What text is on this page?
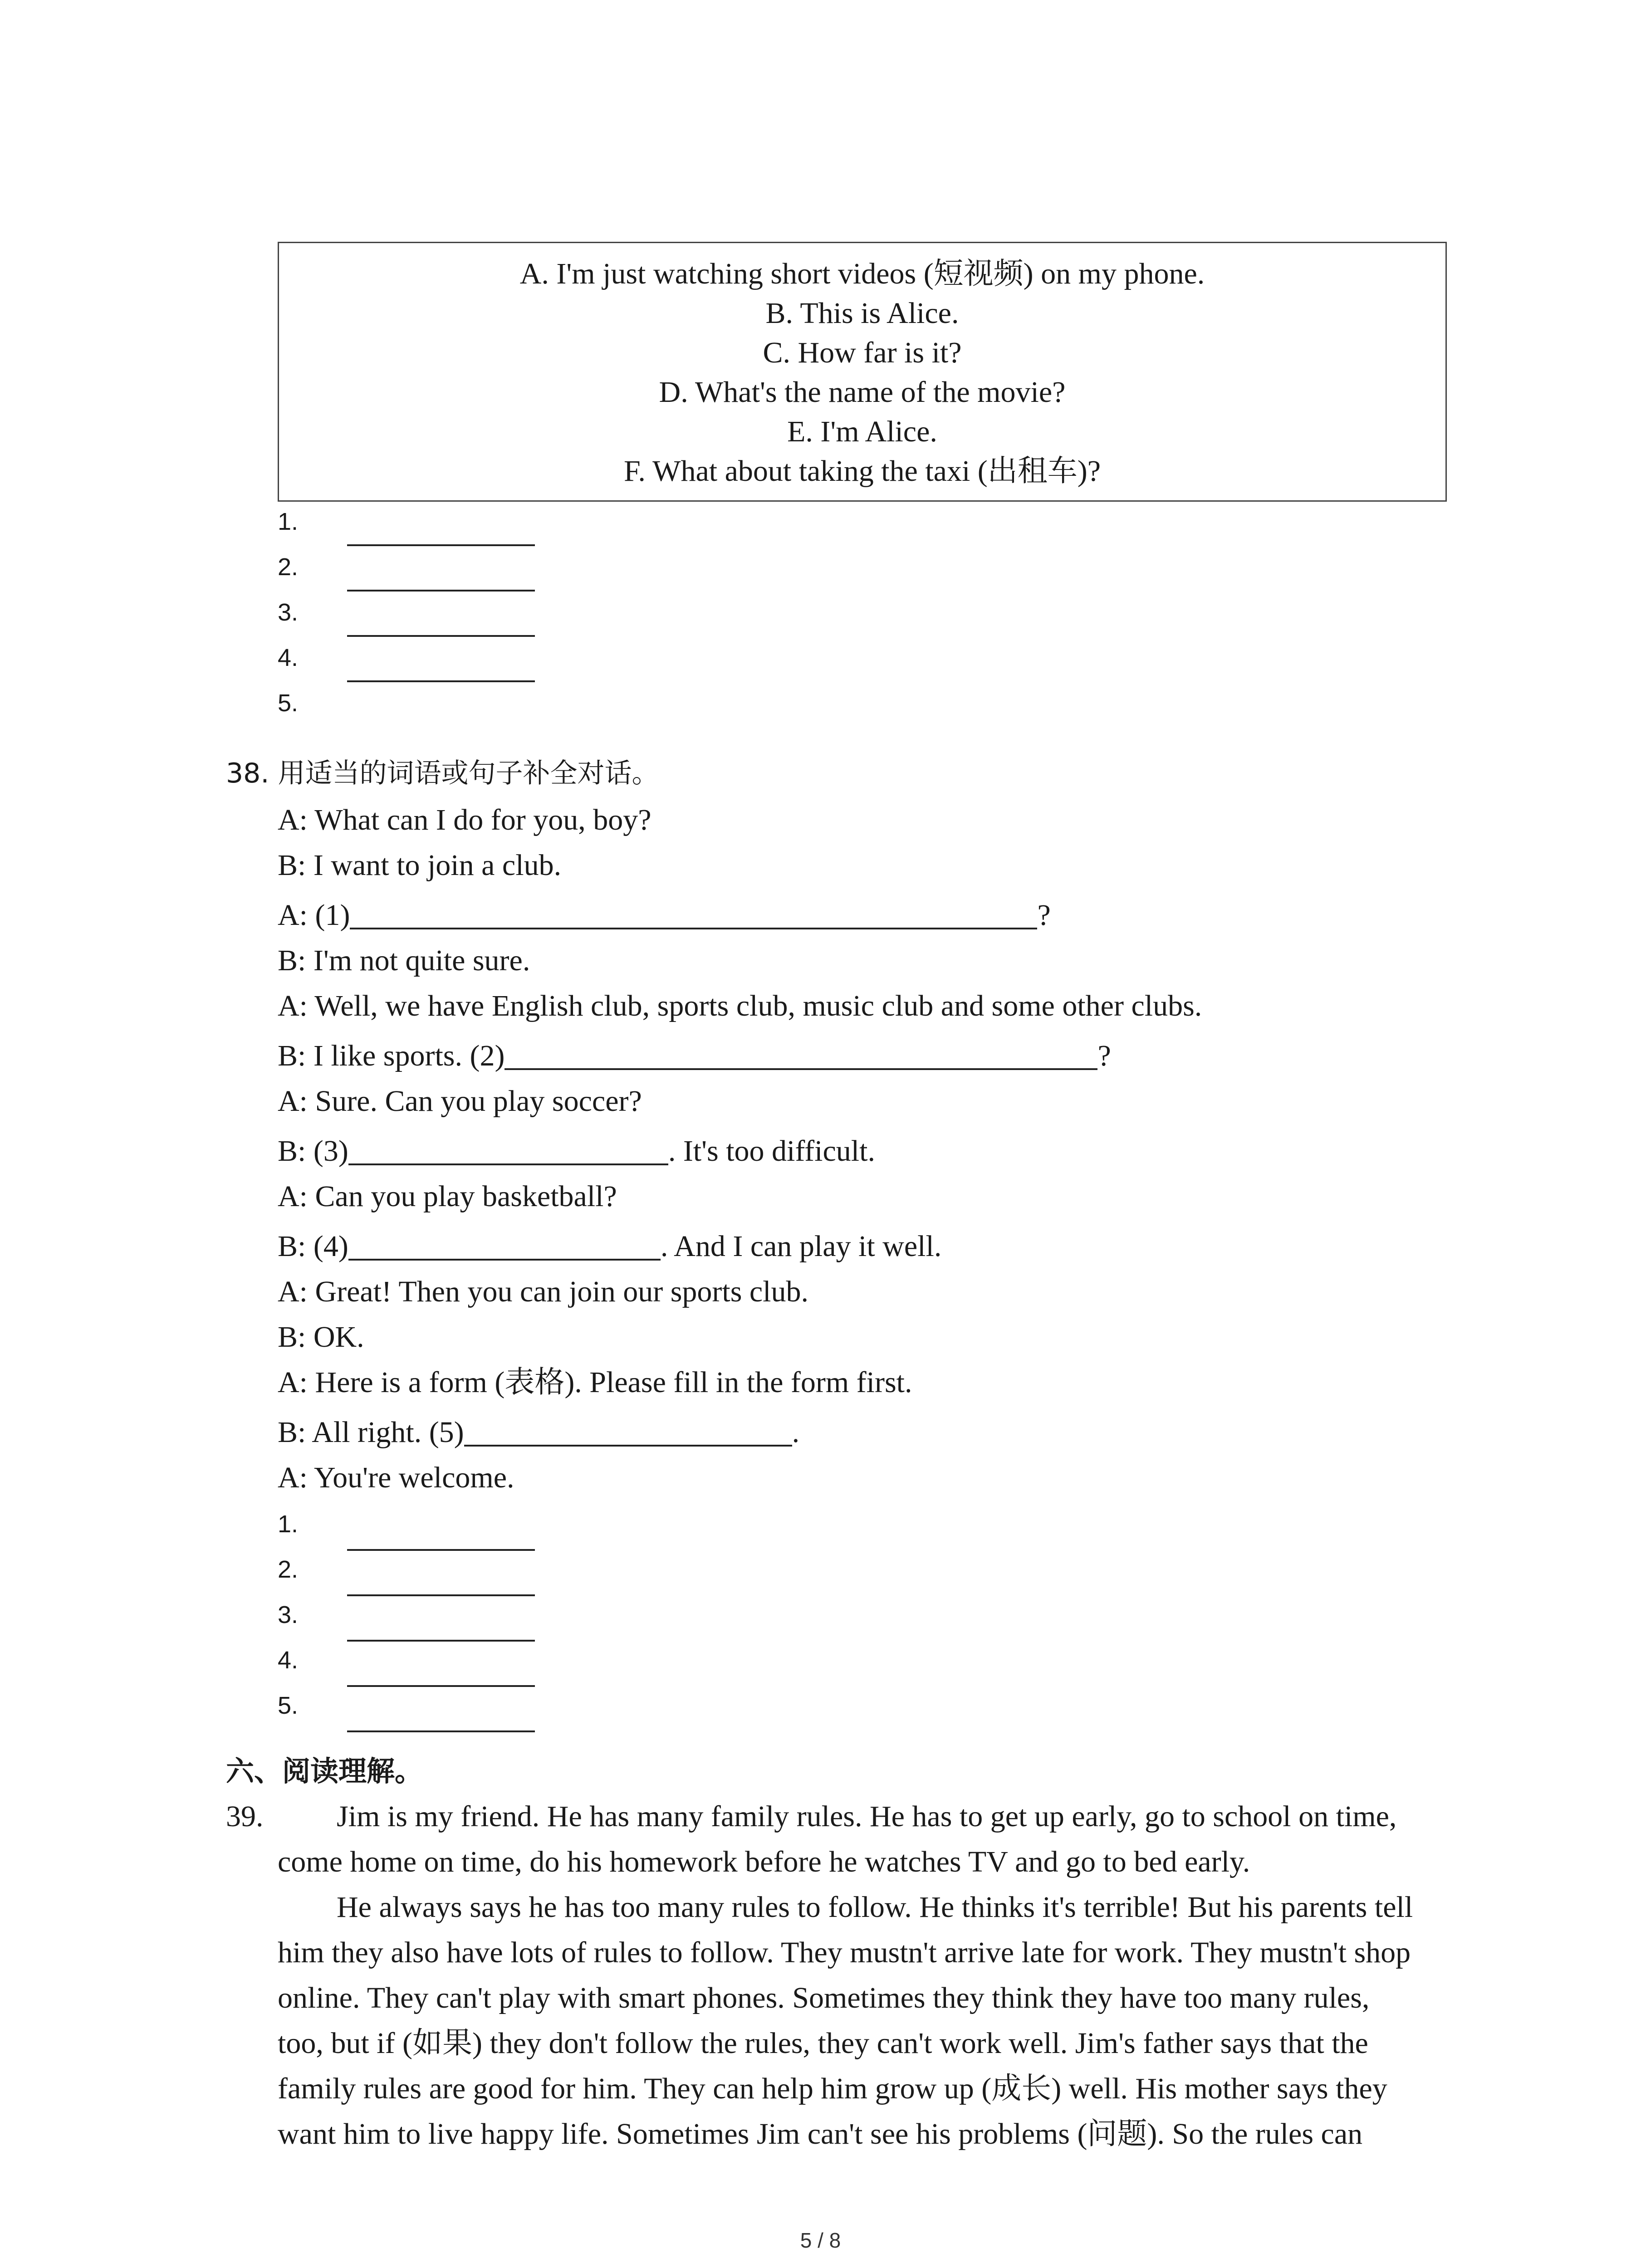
A. I'm just watching short videos (短视频) on my phone.
B. This is Alice.
C. How far is it?
D. What's the name of the movie?
E. I'm Alice.
F. What about taking the taxi (出租车)?
1.
2.
3.
4.
5.
38. 用适当的词语或句子补全对话。
A: What can I do for you, boy?
B: I want to join a club.
A: (1)	?
B: I'm not quite sure.
A: Well, we have English club, sports club, music club and some other clubs.
B: I like sports. (2)	?
A: Sure. Can you play soccer?
B: (3)	. It's too difficult.
A: Can you play basketball?
B: (4)	. And I can play it well.
A: Great! Then you can join our sports club.
B: OK.
A: Here is a form (表格). Please fill in the form first.
B: All right. (5)	.
A: You're welcome.
1.
2.
3.
4.
5.
六、阅读理解。
39. Jim is my friend. He has many family rules. He has to get up early, go to school on time,
come home on time, do his homework before he watches TV and go to bed early.
He always says he has too many rules to follow. He thinks it's terrible! But his parents tell
him they also have lots of rules to follow. They mustn't arrive late for work. They mustn't shop
online. They can't play with smart phones. Sometimes they think they have too many rules,
too, but if (如果) they don't follow the rules, they can't work well. Jim's father says that the
family rules are good for him. They can help him grow up (成长) well. His mother says they
want him to live happy life. Sometimes Jim can't see his problems (问题). So the rules can
5 / 8
